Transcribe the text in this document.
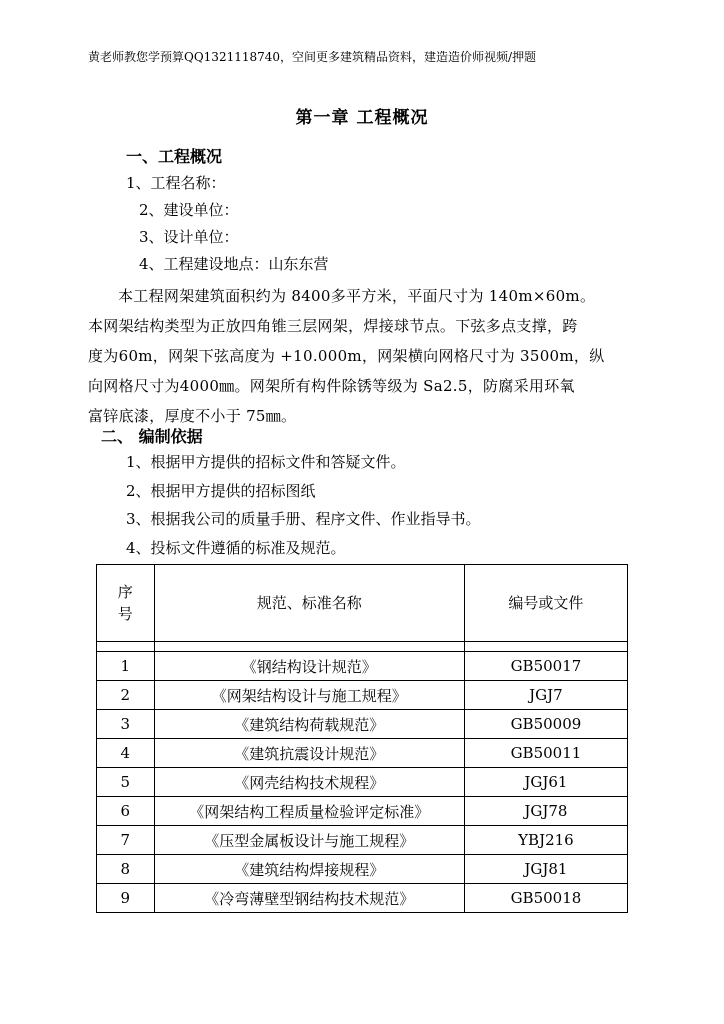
黄老师教您学预算QQ1321118740，空间更多建筑精品资料，建造造价师视频/押题
第一章 工程概况
一、工程概况
1、工程名称：
2、建设单位：
3、设计单位：
4、工程建设地点：山东东营
本工程网架建筑面积约为 8400多平方米，平面尺寸为 140m×60m。
本网架结构类型为正放四角锥三层网架，焊接球节点。下弦多点支撑，跨
度为60m，网架下弦高度为 +10.000m，网架横向网格尺寸为 3500m，纵
向网格尺寸为4000㎜。网架所有构件除锈等级为 Sa2.5，防腐采用环氧
富锌底漆，厚度不小于 75㎜。
二、 编制依据
1、根据甲方提供的招标文件和答疑文件。
2、根据甲方提供的招标图纸
3、根据我公司的质量手册、程序文件、作业指导书。
4、投标文件遵循的标准及规范。
序
号	规范、标准名称	编号或文件

1	《钢结构设计规范》	GB50017
2	《网架结构设计与施工规程》	JGJ7
3	《建筑结构荷载规范》	GB50009
4	《建筑抗震设计规范》	GB50011
5	《网壳结构技术规程》	JGJ61
6	《网架结构工程质量检验评定标准》	JGJ78
7	《压型金属板设计与施工规程》	YBJ216
8	《建筑结构焊接规程》	JGJ81
9	《冷弯薄壁型钢结构技术规范》	GB50018
